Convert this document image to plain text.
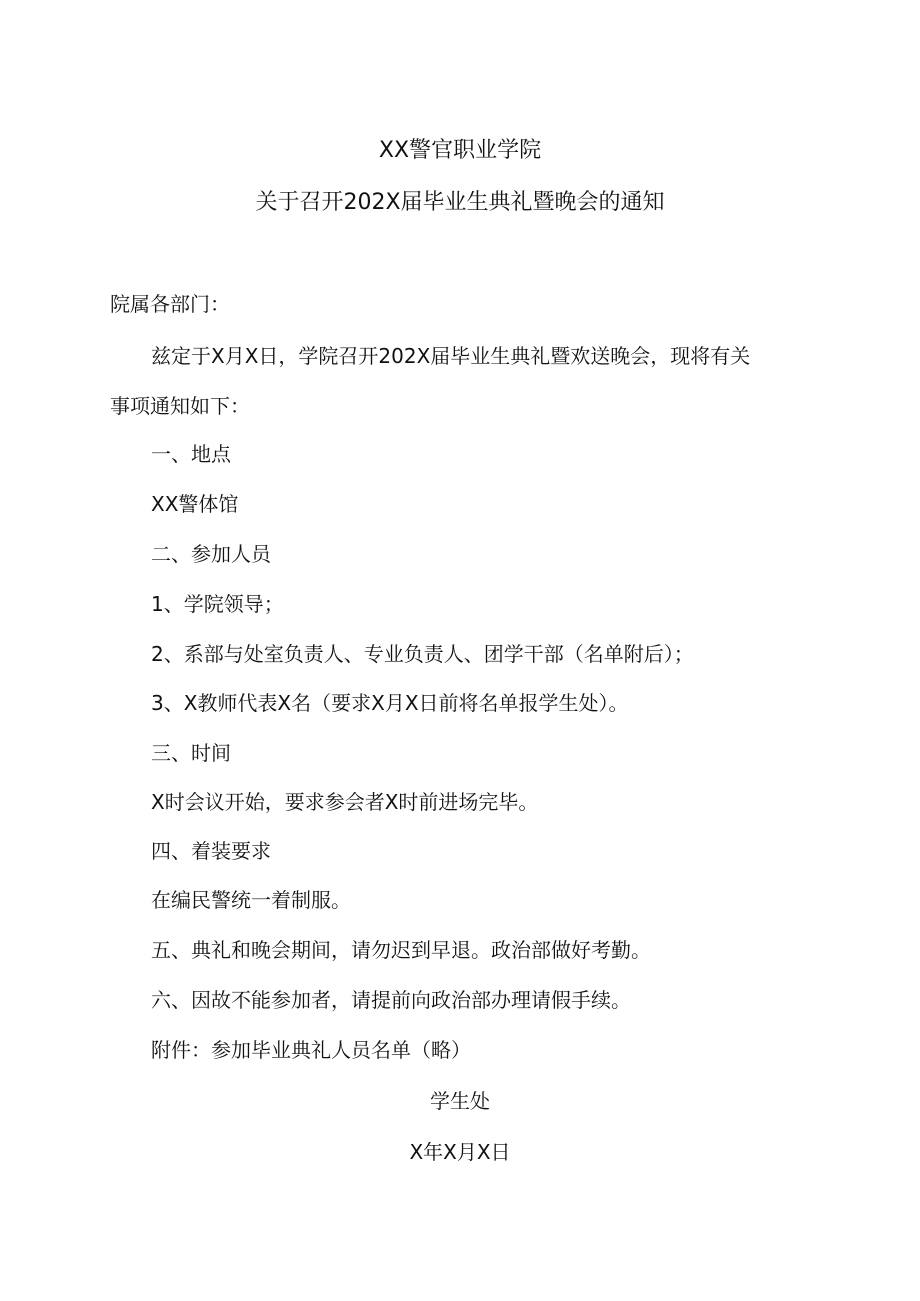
XX警官职业学院
关于召开202X届毕业生典礼暨晚会的通知
院属各部门：
兹定于X月X日，学院召开202X届毕业生典礼暨欢送晚会，现将有关
事项通知如下：
一、地点
XX警体馆
二、参加人员
1、学院领导；
2、系部与处室负责人、专业负责人、团学干部（名单附后）；
3、X教师代表X名（要求X月X日前将名单报学生处）。
三、时间
X时会议开始，要求参会者X时前进场完毕。
四、着装要求
在编民警统一着制服。
五、典礼和晚会期间，请勿迟到早退。政治部做好考勤。
六、因故不能参加者，请提前向政治部办理请假手续。
附件：参加毕业典礼人员名单（略）
学生处
X年X月X日
